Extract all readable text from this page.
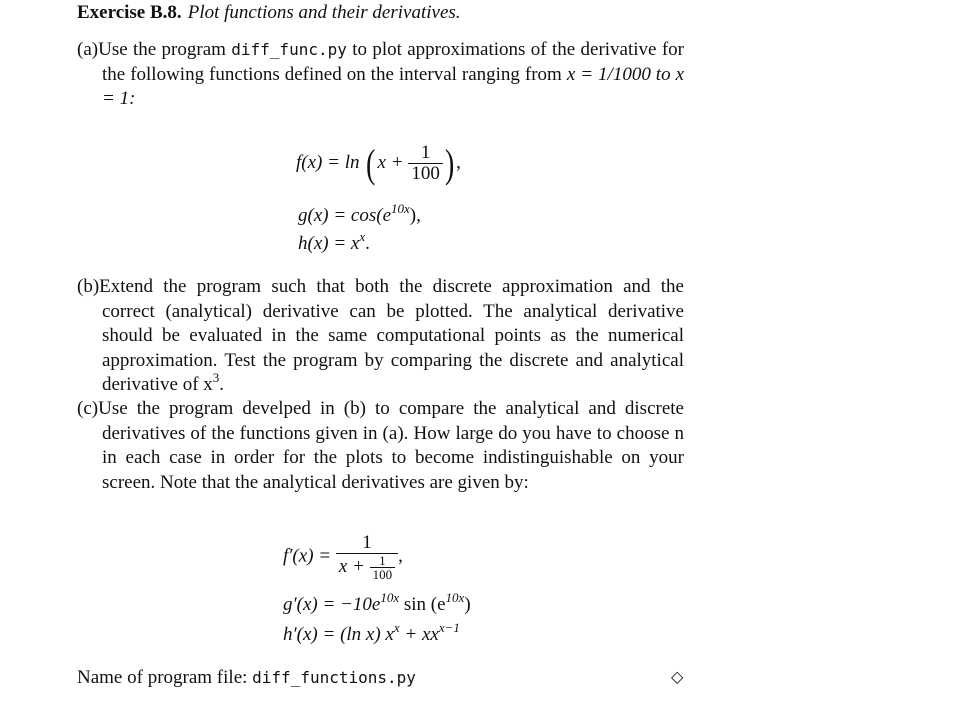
Exercise B.8. Plot functions and their derivatives.
(a)Use the program diff_func.py to plot approximations of the derivative for the following functions defined on the interval ranging from x = 1/1000 to x = 1:
f(x) = ln ( $x + \frac{1}{100}$ ) ,
$g(x) = \cos(e^{10x})$,
$h(x) = x^x$.
(b)Extend the program such that both the discrete approximation and the correct (analytical) derivative can be plotted. The analytical derivative should be evaluated in the same computational points as the numerical approximation. Test the program by comparing the discrete and analytical derivative of $x^3$.
(c)Use the program develped in (b) to compare the analytical and discrete derivatives of the functions given in (a). How large do you have to choose n in each case in order for the plots to become indistinguishable on your screen. Note that the analytical derivatives are given by:
$f'(x) = \frac{1}{x + \frac{1}{100}}$ ,
$g'(x) = -10e^{10x}$ $\sin (e^{10x})$
h′(x) = (ln x) $x^x + xx^{x-1}$
Name of program file: diff_functions.py	◇
